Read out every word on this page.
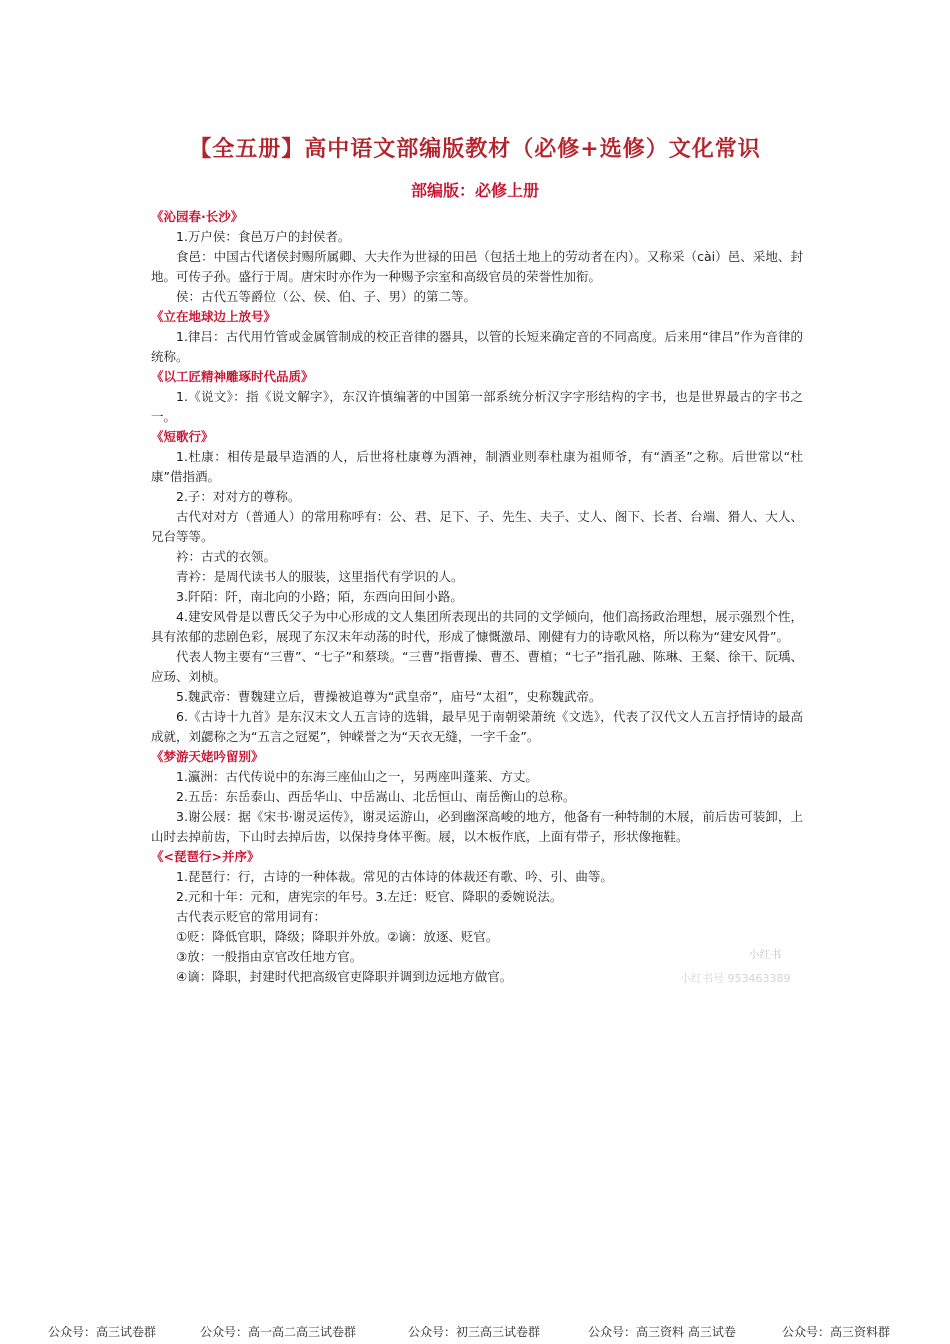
【全五册】高中语文部编版教材（必修+选修）文化常识
部编版：必修上册
《沁园春·长沙》
1.万户侯：食邑万户的封侯者。
食邑：中国古代诸侯封赐所属卿、大夫作为世禄的田邑（包括土地上的劳动者在内）。又称采（cài）邑、采地、封地。可传子孙。盛行于周。唐宋时亦作为一种赐予宗室和高级官员的荣誉性加衔。
侯：古代五等爵位（公、侯、伯、子、男）的第二等。
《立在地球边上放号》
1.律吕：古代用竹管或金属管制成的校正音律的器具，以管的长短来确定音的不同高度。后来用“律吕”作为音律的统称。
《以工匠精神雕琢时代品质》
1.《说文》：指《说文解字》，东汉许慎编著的中国第一部系统分析汉字字形结构的字书，也是世界最古的字书之一。
《短歌行》
1.杜康：相传是最早造酒的人，后世将杜康尊为酒神，制酒业则奉杜康为祖师爷，有“酒圣”之称。后世常以“杜康”借指酒。
2.子：对对方的尊称。
古代对对方（普通人）的常用称呼有：公、君、足下、子、先生、夫子、丈人、阁下、长者、台端、猾人、大人、兄台等等。
衿：古式的衣领。
青衿：是周代读书人的服装，这里指代有学识的人。
3.阡陌：阡，南北向的小路；陌，东西向田间小路。
4.建安风骨是以曹氏父子为中心形成的文人集团所表现出的共同的文学倾向，他们高扬政治理想，展示强烈个性，具有浓郁的悲剧色彩，展现了东汉末年动荡的时代，形成了慷慨激昂、刚健有力的诗歌风格，所以称为“建安风骨”。
代表人物主要有“三曹”、“七子”和蔡琰。“三曹”指曹操、曹丕、曹植；“七子”指孔融、陈琳、王粲、徐干、阮瑀、应玚、刘桢。
5.魏武帝：曹魏建立后，曹操被追尊为“武皇帝”，庙号“太祖”，史称魏武帝。
6.《古诗十九首》是东汉末文人五言诗的选辑，最早见于南朝梁萧统《文选》，代表了汉代文人五言抒情诗的最高成就，刘勰称之为“五言之冠冕”，钟嵘誉之为“天衣无缝，一字千金”。
《梦游天姥吟留别》
1.瀛洲：古代传说中的东海三座仙山之一，另两座叫蓬莱、方丈。
2.五岳：东岳泰山、西岳华山、中岳嵩山、北岳恒山、南岳衡山的总称。
3.谢公屐：据《宋书·谢灵运传》，谢灵运游山，必到幽深高峻的地方，他备有一种特制的木屐，前后齿可装卸，上山时去掉前齿，下山时去掉后齿，以保持身体平衡。屐，以木板作底，上面有带子，形状像拖鞋。
《<琵琶行>并序》
1.琵琶行：行，古诗的一种体裁。常见的古体诗的体裁还有歌、吟、引、曲等。
2.元和十年：元和，唐宪宗的年号。3.左迁：贬官、降职的委婉说法。
古代表示贬官的常用词有：
①贬：降低官职，降级；降职并外放。②谪：放逐、贬官。
③放：一般指由京官改任地方官。
④谪：降职，封建时代把高级官吏降职并调到边远地方做官。
小红书
小红书号 953463389
公众号：高三试卷群	公众号：高一高二高三试卷群	公众号：初三高三试卷群	公众号：高三资料 高三试卷	公众号：高三资料群
